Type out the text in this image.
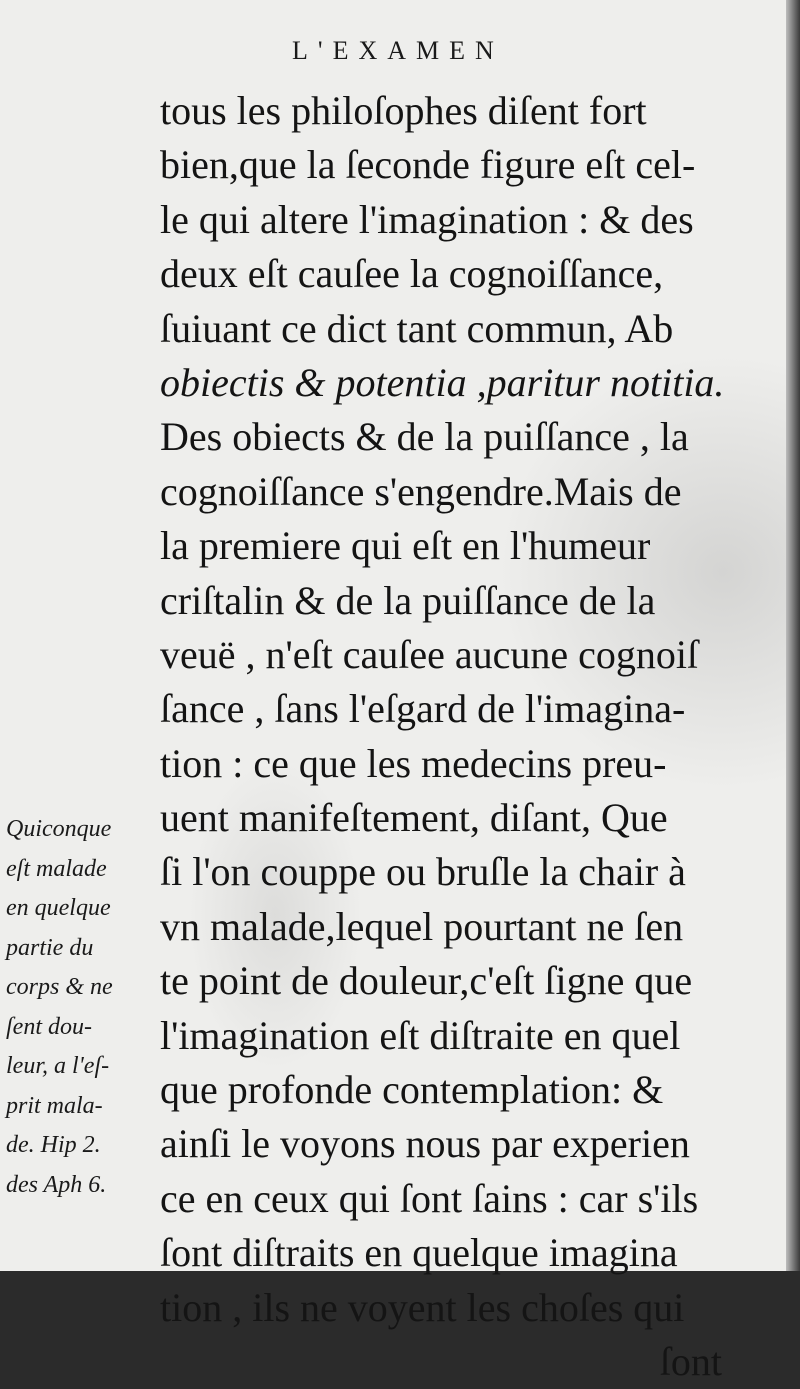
L'EXAMEN
tous les philoſophes diſent fort
bien,que la ſeconde figure eſt cel-
le qui altere l'imagination : & des
deux eſt cauſee la cognoiſſance,
ſuiuant ce dict tant commun, Ab
obiectis & potentia ,paritur notitia.
Des obiects & de la puiſſance , la
cognoiſſance s'engendre.Mais de
la premiere qui eſt en l'humeur
criſtalin & de la puiſſance de la
veuë , n'eſt cauſee aucune cognoiſ
ſance , ſans l'eſgard de l'imagina-
tion : ce que les medecins preu-
uent manifeſtement, diſant, Que
ſi l'on couppe ou bruſle la chair à
vn malade,lequel pourtant ne ſen
te point de douleur,c'eſt ſigne que
l'imagination eſt diſtraite en quel
que profonde contemplation: &
ainſi le voyons nous par experien
ce en ceux qui ſont ſains : car s'ils
ſont diſtraits en quelque imagina
tion , ils ne voyent les choſes qui
ſont
Quiconque
eſt malade
en quelque
partie du
corps & ne
ſent dou-
leur, a l'eſ-
prit mala-
de. Hip 2.
des Aph 6.
